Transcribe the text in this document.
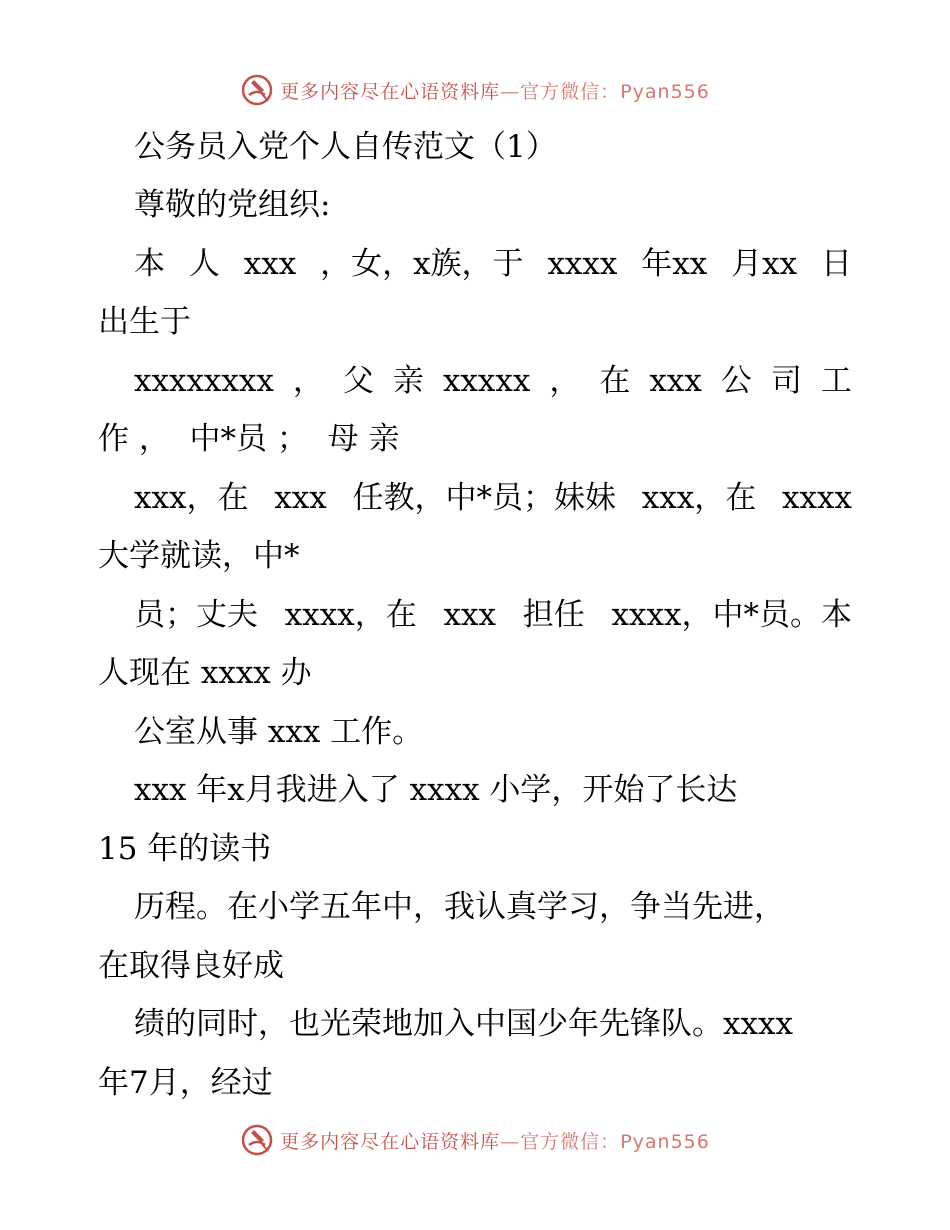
更多内容尽在心语资料库—官方微信：Pyan556
公务员入党个人自传范文（1）
尊敬的党组织:
本 人 xxx ，女，x族，于 xxxx 年xx 月xx 日
出生于
xxxxxxxx ， 父 亲 xxxxx ， 在 xxx 公 司 工
作 ，  中*员 ；  母 亲
xxx，在 xxx 任教，中*员；妹妹 xxx，在 xxxx
大学就读，中*
员；丈夫 xxxx，在 xxx 担任 xxxx，中*员。本
人现在 xxxx 办
公室从事 xxx 工作。
xxx 年x月我进入了 xxxx 小学，开始了长达
15 年的读书
历程。在小学五年中，我认真学习，争当先进，
在取得良好成
绩的同时，也光荣地加入中国少年先锋队。xxxx
年7月，经过
更多内容尽在心语资料库—官方微信：Pyan556
